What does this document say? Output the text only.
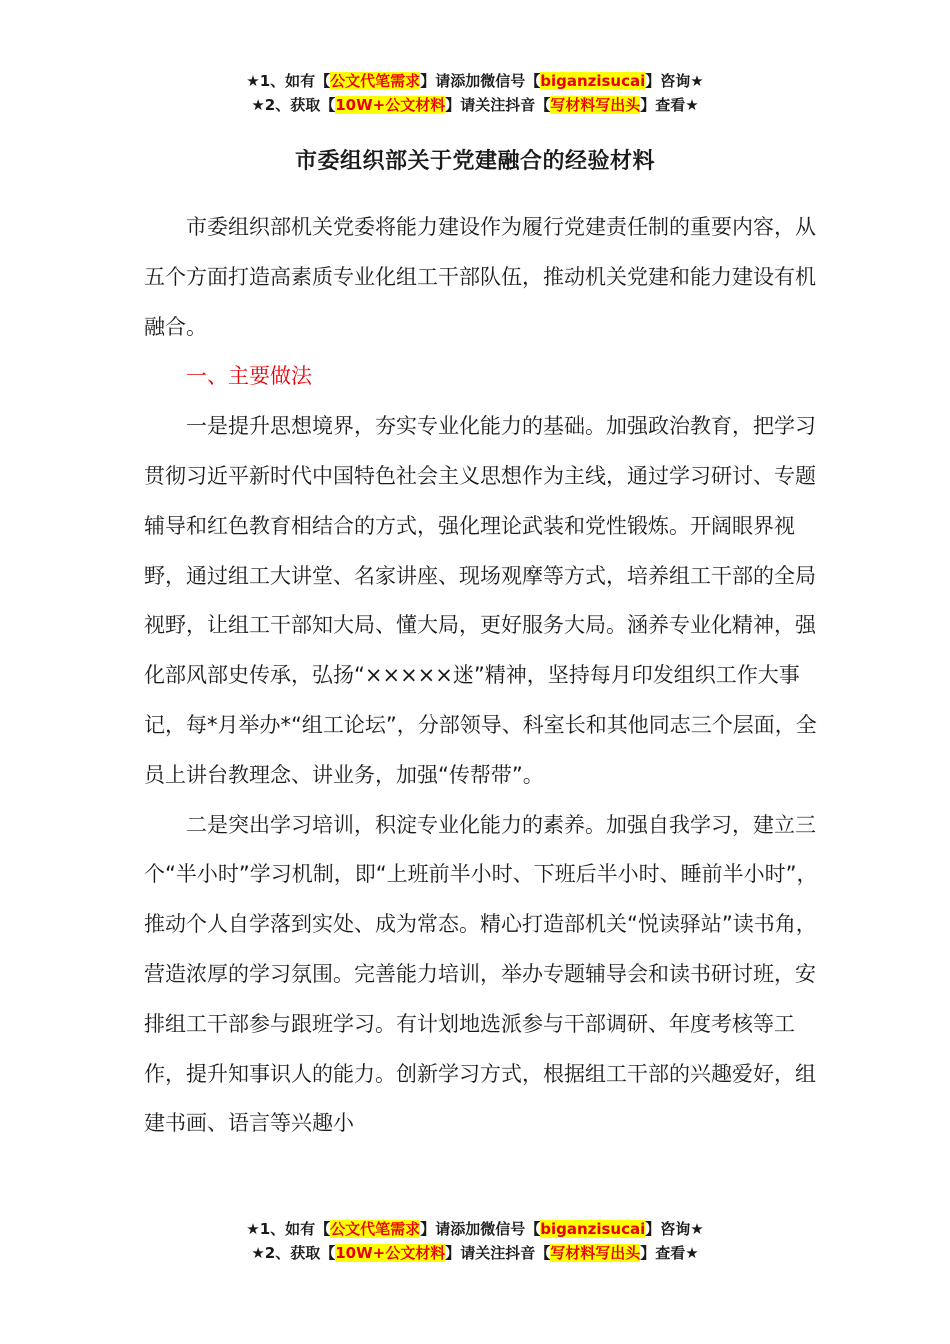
★1、如有【公文代笔需求】请添加微信号【biganzisucai】咨询★
★2、获取【10W+公文材料】请关注抖音【写材料写出头】查看★
市委组织部关于党建融合的经验材料

市委组织部机关党委将能力建设作为履行党建责任制的重要内容，从五个方面打造高素质专业化组工干部队伍，推动机关党建和能力建设有机融合。

一、主要做法

一是提升思想境界，夯实专业化能力的基础。加强政治教育，把学习贯彻习近平新时代中国特色社会主义思想作为主线，通过学习研讨、专题辅导和红色教育相结合的方式，强化理论武装和党性锻炼。开阔眼界视野，通过组工大讲堂、名家讲座、现场观摩等方式，培养组工干部的全局视野，让组工干部知大局、懂大局，更好服务大局。涵养专业化精神，强化部风部史传承，弘扬“×××××迷”精神，坚持每月印发组织工作大事记，每*月举办*“组工论坛”，分部领导、科室长和其他同志三个层面，全员上讲台教理念、讲业务，加强“传帮带”。

二是突出学习培训，积淀专业化能力的素养。加强自我学习，建立三个“半小时”学习机制，即“上班前半小时、下班后半小时、睡前半小时”，推动个人自学落到实处、成为常态。精心打造部机关“悦读驿站”读书角，营造浓厚的学习氛围。完善能力培训，举办专题辅导会和读书研讨班，安排组工干部参与跟班学习。有计划地选派参与干部调研、年度考核等工作，提升知事识人的能力。创新学习方式，根据组工干部的兴趣爱好，组建书画、语言等兴趣小

★1、如有【公文代笔需求】请添加微信号【biganzisucai】咨询★
★2、获取【10W+公文材料】请关注抖音【写材料写出头】查看★
